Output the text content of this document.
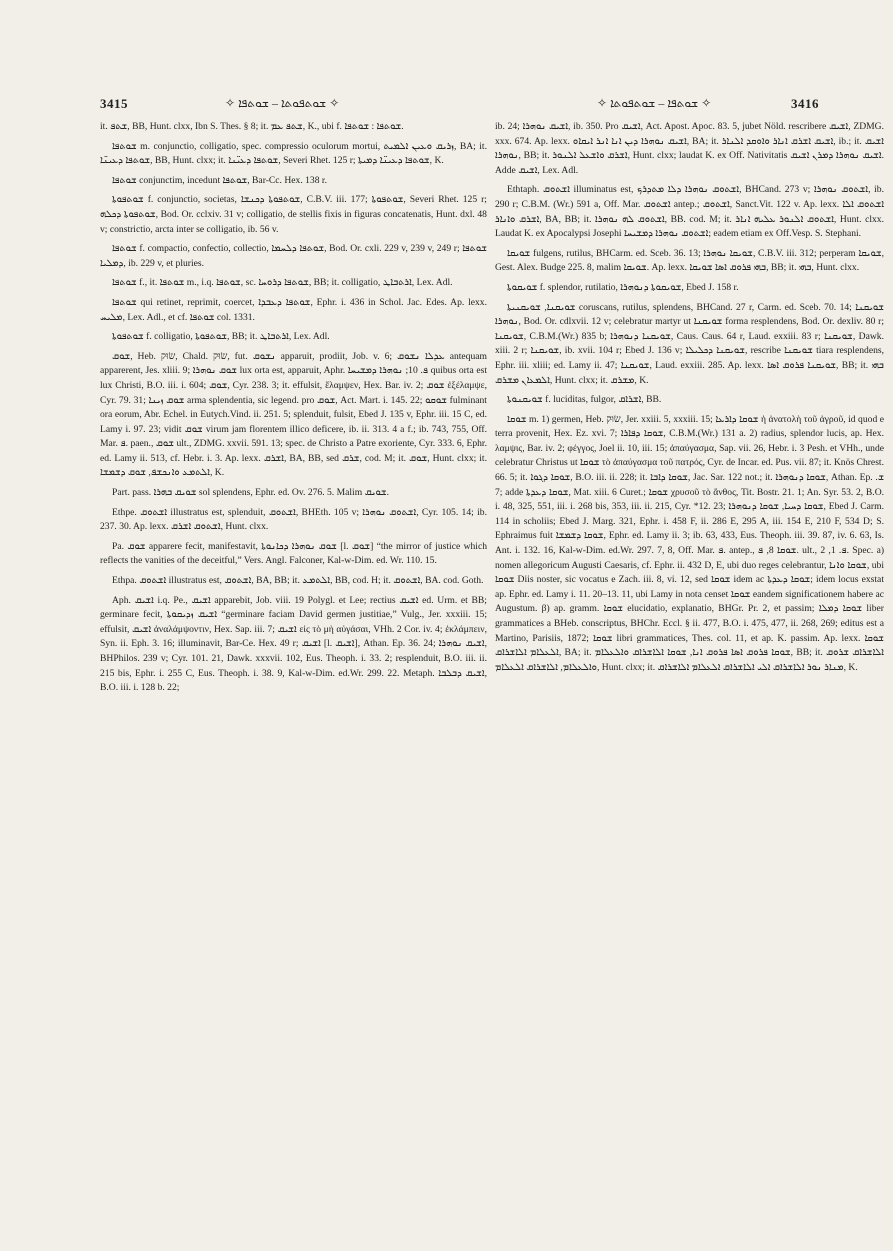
3415	✧ ܫܘܬܦܘܬܐ – ܫܘܬܦܐ ✧	✧ ܫܘܬܦܐ – ܫܘܬܦܘܬܐ ✧	3416

it. ܫܬܦ, BB, Hunt. clxx, Ibn S. Thes. § 8; it. ܫܬܦ ܥܡ, K., ubi f. ܫܘܬܦܐ : ܫܘܬܦܐ.

ܫܘܬܦܐ m. conjunctio, colligatio, spec. compressio oculorum mortui, ܙܪܝܩ ܘܥܝܢ ܐܠܡܝܬ, BA; it. ܫܘܬܦܐ ܕܥܝܢ̈ܐ, BB, Hunt. clxx; it. ܫܘܬܦܐ ܕܥܝ̈ܢܐ, Severi Rhet. 125 r; ܫܘܬܦܐ ܕܥܝܢ̈ܐ ܕܡܝܬܐ, K.

ܫܘܬܦܐ conjunctim, incedunt ܫܘܬܦܐ, Bar-Cc. Hex. 138 r.

ܫܘܬܦܘܬܐ f. conjunctio, societas, ܫܘܬܦܘܬܐ ܕܟܢܫܐ, C.B.V. iii. 177; ܫܘܬܦܘܬܐ, Severi Rhet. 125 r; ܫܘܬܦܘܬܐ ܕܟܠܗ, Bod. Or. cclxiv. 31 v; colligatio, de stellis fixis in figuras concatenatis, Hunt. dxl. 48 v; constrictio, arcta inter se colligatio, ib. 56 v.

ܫܘܬܦܐ f. compactio, confectio, collectio, ܫܘܬܦܐ ܕܠܚܡܐ, Bod. Or. cxli. 229 v, 239 v, 249 r; ܫܘܬܦܐ ܕܡܠܝܐ, ib. 229 v, et pluries.

ܫܘܬܦܐ f., it. ܫܘܬܦܐ m., i.q. ܫܘܬܦܐ, sc. ܫܘܬܦܐ ܕܪܘܚܐ, BB; it. colligatio, ܐܪܬܒܐܛ, Lex. Adl.

ܫܘܬܦܐ qui retinet, reprimit, coercet, ܫܘܬܦܐ ܕܥܒܕܐ, Ephr. i. 436 in Schol. Jac. Edes. Ap. lexx. ܡܠܝܚ, Lex. Adl., et cf. ܫܘܬܦܐ col. 1331.

ܫܘܬܦܘܬܐ f. colligatio, ܫܘܬܦܘܬܐ, BB; it. ܐܪܬܒܐܛ, Lex. Adl.

ܫܘܩ, Heb. שׂוּק, Chald. שׂוּק, fut. ܢܫܘܩ apparuit, prodiit, Job. v. 6; ܥܕܠܐ ܢܫܘܩ antequam apparerent, Jes. xliii. 9; ܫܘܩ ܢܘܗܪܐ lux orta est, apparuit, Aphr. ܦ. 10; ܢܘܗܪܐ ܕܡܫܝܚܐ quibus orta est lux Christi, B.O. iii. i. 604; ܫܘܩ, Cyr. 238. 3; it. effulsit, ἔλαμψεν, Hex. Bar. iv. 2; ܫܘܩ ἐξέλαμψε, Cyr. 79. 31; ܫܘܩ ܙܝܢܐ arma splendentia, sic legend. pro ܫܘܩ, Act. Mart. i. 145. 22; ܫܘܩܘ fulminant ora eorum, Abr. Echel. in Eutych.Vind. ii. 251. 5; splenduit, fulsit, Ebed J. 135 v, Ephr. iii. 15 C, ed. Lamy i. 97. 23; vidit ܫܘܩ virum jam florentem illico deficere, ib. ii. 313. 4 a f.; ib. 743, 755, Off. Mar. ܦ. paen., ܫܘܩ ult., ZDMG. xxvii. 591. 13; spec. de Christo a Patre exoriente, Cyr. 333. 6, Ephr. ed. Lamy ii. 513, cf. Hebr. i. 3. Ap. lexx. ܐܫܪܩ, BA, BB, sed ܫܪܩ, cod. M; it. ܫܘܩ, Hunt. clxx; it. ܐܠܬܡܥ ܘܐܢܟܫܦ, ܫܘܩ ܕܫܡܫܐ, K.

Part. pass. ܫܘܝܩ ܒܗܪܐ sol splendens, Ephr. ed. Ov. 276. 5. Malim ܫܘܝܩ.

Ethpe. ܐܫܬܘܩ illustratus est, splenduit, ܐܫܬܘܩ, BHEth. 105 v; ܐܫܬܘܩ ܢܘܗܪܐ, Cyr. 105. 14; ib. 237. 30. Ap. lexx. ܐܫܬܘܩ ܐܫܪܩ, Hunt. clxx.

Pa. ܫܘܩ apparere fecit, manifestavit, ܫܘܩ ܢܘܗܪܐ ܕܟܐܢܘܬܐ [l. ܫܘܩ] “the mirror of justice which reflects the vanities of the deceitful,” Vers. Angl. Falconer, Kal-w-Dim. ed. Wr. 110. 15.

Ethpa. ܐܫܬܘܩ illustratus est, ܐܫܬܘܩ, BA, BB; it. ܐܠܬܡܥ, BB, cod. H; it. ܐܫܬܘܩ, BA. cod. Goth.

Aph. ܐܫܝܩ i.q. Pe., ܐܫܝܩ apparebit, Job. viii. 19 Polygl. et Lee; rectius ܐܫܝܩ ed. Urm. et BB; germinare fecit, ܐܫܝܩ ܙܕܝܩܘܬܐ “germinare faciam David germen justitiae,” Vulg., Jer. xxxiii. 15; effulsit, ܐܫܝܩ ἀναλάμψοντιν, Hex. Sap. iii. 7; ܐܫܝܩ εἰς τὸ μὴ αὐγάσαι, VHh. 2 Cor. iv. 4; ἐκλάμπειν, Syn. ii. Eph. 3. 16; illuminavit, Bar-Ce. Hex. 49 r; ܐܫܝܩ [l. ܐܫܝܩ], Athan. Ep. 36. 24; ܐܫܝܩ ܢܘܗܪܐ, BHPhilos. 239 v; Cyr. 101. 21, Dawk. xxxvii. 102, Eus. Theoph. i. 33. 2; resplenduit, B.O. iii. ii. 215 bis, Ephr. i. 255 C, Eus. Theoph. i. 38. 9, Kal-w-Dim. ed.Wr. 299. 22. Metaph. ܐܫܝܩ ܕܒܠܒܐ, B.O. iii. i. 128 b. 22;

ib. 24; ܐܫܝܩ ܢܘܗܪܐ, ib. 350. Pro ܐܫܝܩ, Act. Apost. Apoc. 83. 5, jubet Nöld. rescribere ܐܫܝܩ, ZDMG. xxx. 674. Ap. lexx. ܐܫܝܩ ܢܘܗܪܐ ܕܝܢ ܐܢܐ ܐܢܪ ܐܝܩܐܘ, BA; it. ܐܫܝܩ ܐܫܪܩ ܐܢܐܪ ܘܐܘܩܕ ܐܠܢܐܪ, ib.; it. ܐܫܝܩ ܢܘܗܪܐ, BB; it. ܐܫܪܩ ܘܐܫܥܠ ܐܠܢܘܪ, Hunt. clxx; laudat K. ex Off. Nativitatis ܐܫܝܩ ܢܘܗܪܐ ܕܡܪܢ ܐܫܝܩ. Adde ܐܫܝܩ, Lex. Adl.

Ethtaph. ܐܫܬܘܩ illuminatus est, ܐܫܬܘܩ ܢܘܗܪܐ ܕܠܐ ܡܬܕܪܟ, BHCand. 273 v; ܐܫܬܘܩ ܢܘܗܪܐ, ib. 290 r; C.B.M. (Wr.) 591 a, Off. Mar. ܐܫܬܘܩ antep.; ܐܫܬܘܩ, Sanct.Vit. 122 v. Ap. lexx. ܐܫܬܘܩ ܐܠܐ ܐܫܪܩ ܘܐܢܐܪ, BA, BB; it. ܐܫܬܘܩ ܠܗ ܢܘܗܪܐ, BB. cod. M; it. ܐܫܬܘܩ ܐܠܢܘܪ ܥܠܝܗ ܐܢܐܪ, Hunt. clxx. Laudat K. ex Apocalypsi Josephi ܐܫܬܘܩ ܢܘܗܪܐ ܕܡܫܝܚܐ; eadem etiam ex Off.Vesp. S. Stephani.

ܫܘܝܩܐ fulgens, rutilus, BHCarm. ed. Sceb. 36. 13; ܫܘܝܩܐ ܢܘܗܪܐ, C.B.V. iii. 312; perperam ܫܘܝܩܐ, Gest. Alex. Budge 225. 8, malim ܫܘܝܩܐ. Ap. lexx. ܒܗܝ ܦܪܘܩ ܐܣܐ ܫܘܝܩܐ, BB; it. ܒܗܝ, Hunt. clxx.

ܫܘܝܩܘܬܐ f. splendor, rutilatio, ܫܘܝܩܘܬܐ ܕܢܘܗܪܐ, Ebed J. 158 r.

ܫܘܝܩܢܐ, ܫܘܝܩܢܝܬܐ coruscans, rutilus, splendens, BHCand. 27 r, Carm. ed. Sceb. 70. 14; ܫܘܝܩܢܐ ܢܘܗܪܐ, Bod. Or. cdlxvii. 12 v; celebratur martyr ut ܫܘܝܩܢܐ forma resplendens, Bod. Or. dexliv. 80 r; ܫܘܝܩܢܐ, C.B.M.(Wr.) 835 b; ܫܘܝܩܢܐ ܕܢܘܗܪܐ, Caus. Caus. 64 r, Laud. exxiii. 83 r; ܫܘܝܩܢܐ, Dawk. xiii. 2 r; ܫܘܝܩܢܐ, ib. xvii. 104 r; Ebed J. 136 v; ܫܘܝܩܢܐ ܕܟܠܝܠܐ, rescribe ܫܘܝܩܢܐ tiara resplendens, Ephr. iii. xliii; ed. Lamy ii. 47; ܫܘܝܩܢܐ, Laud. exxiii. 285. Ap. lexx. ܫܘܝܩܢܐ ܦܪܘܩ ܐܣܐ, BB; it. ܒܗܝ ܐܠܡܥܐܢ ܡܫܪܩ, Hunt. clxx; it. ܡܫܪܩ, K.

ܫܘܝܩܢܘܬܐ f. luciditas, fulgor, ܐܫܪܐܩ, BB.

ܫܘܩܐ m. 1) germen, Heb. שׂוּק, Jer. xxiii. 5, xxxiii. 15; ܫܘܩܐ ܕܐܪܥܐ ἡ ἀνατολὴ τοῦ ἀγροῦ, id quod e terra provenit, Hex. Ez. xvi. 7; ܫܘܩܐ ܕܦܐܪܐ, C.B.M.(Wr.) 131 a. 2) radius, splendor lucis, ap. Hex. λαμψις, Bar. iv. 2; φέγγος, Joel ii. 10, iii. 15; ἀπαύγασμα, Sap. vii. 26, Hebr. i. 3 Pesh. et VHh., unde celebratur Christus ut ܫܘܩܐ τὸ ἀπαύγασμα τοῦ πατρός, Cyr. de Incar. ed. Pus. vii. 87; it. Knös Chrest. 66. 5; it. ܫܘܩܐ ܕܓܘܐ, B.O. iii. ii. 228; it. ܫܘܩܐ ܕܐܒܐ, Jac. Sar. 122 not.; it. ܫܘܩܐ ܕܢܘܗܪܐ, Athan. Ep. ܫ. 7; adde ܫܘܩܐ ܕܥܕܬܐ, Mat. xiii. 6 Curet.; ܫܘܩܐ χρυσοῦ τὸ ἄνθος, Tit. Bostr. 21. 1; An. Syr. 53. 2, B.O. i. 48, 325, 551, iii. i. 268 bis, 353, iii. ii. 215, Cyr. *12. 23; ܫܘܩܐ ܕܚܝܐ, ܫܘܩܐ ܕܢܘܗܪܐ, Ebed J. Carm. 114 in scholiis; Ebed J. Marg. 321, Ephr. i. 458 F, ii. 286 E, 295 A, iii. 154 E, 210 F, 534 D; S. Ephraimus fuit ܫܘܩܐ ܕܫܡܫܐ, Ephr. ed. Lamy ii. 3; ib. 63, 433, Eus. Theoph. iii. 39. 87, iv. 6. 63, Is. Ant. i. 132. 16, Kal-w-Dim. ed.Wr. 297. 7, 8, Off. Mar. ܦ. antep., ܫܘܩܐ 8, ܦ. ult., ܦ. 1, 2. Spec. a) nomen allegoricum Augusti Caesaris, cf. Ephr. ii. 432 D, E, ubi duo reges celebrantur, ܫܘܩܐ ܘܐܢܐ, ubi ܫܘܩܐ Diis noster, sic vocatus e Zach. iii. 8, vi. 12, sed ܫܘܩܐ idem ac ܫܘܩܐ ܕܥܕܬܐ; idem locus exstat ap. Ephr. ed. Lamy i. 11. 20–13. 11, ubi Lamy in nota censet ܫܘܩܐ eandem significationem habere ac Augustum. β) ap. gramm. ܫܘܩܐ elucidatio, explanatio, BHGr. Pr. 2, et passim; ܫܘܩܐ ܕܡܠܐ liber grammatices a BHeb. conscriptus, BHChr. Eccl. § ii. 477, B.O. i. 475, 477, ii. 268, 269; editus est a Martino, Parisiis, 1872; ܫܘܩܐ libri grammatices, Thes. col. 11, et ap. K. passim. Ap. lexx. ܫܘܩܐ ܐܠܥܠܐܡ ܐܠܐܫܪܐܩ, BA; it. ܫܘܩܐ ܦܪܘܩ ܐܣܐ ܦܪܘܩ ܐܢܐ, ܫܘܩܐ ܐܠܐܫܪܐܩ ܘܐܠܥܠܐܡ, BB; it. ܐܠܐܫܪܐܩ ܫܪܘܩ ܘܐܠܥܠܐܡ, ܐܠܐܫܪܐܩ ܐܠܥܠܐܡ, Hunt. clxx; it. ܡܢܐܪ ܢܘܪ ܐܠܐܫܪܐܩ ܐܠܝ ܐܠܐܫܪܐܩ ܐܠܥܠܐܡ ܐܠܐܫܪܐܩ, K.
